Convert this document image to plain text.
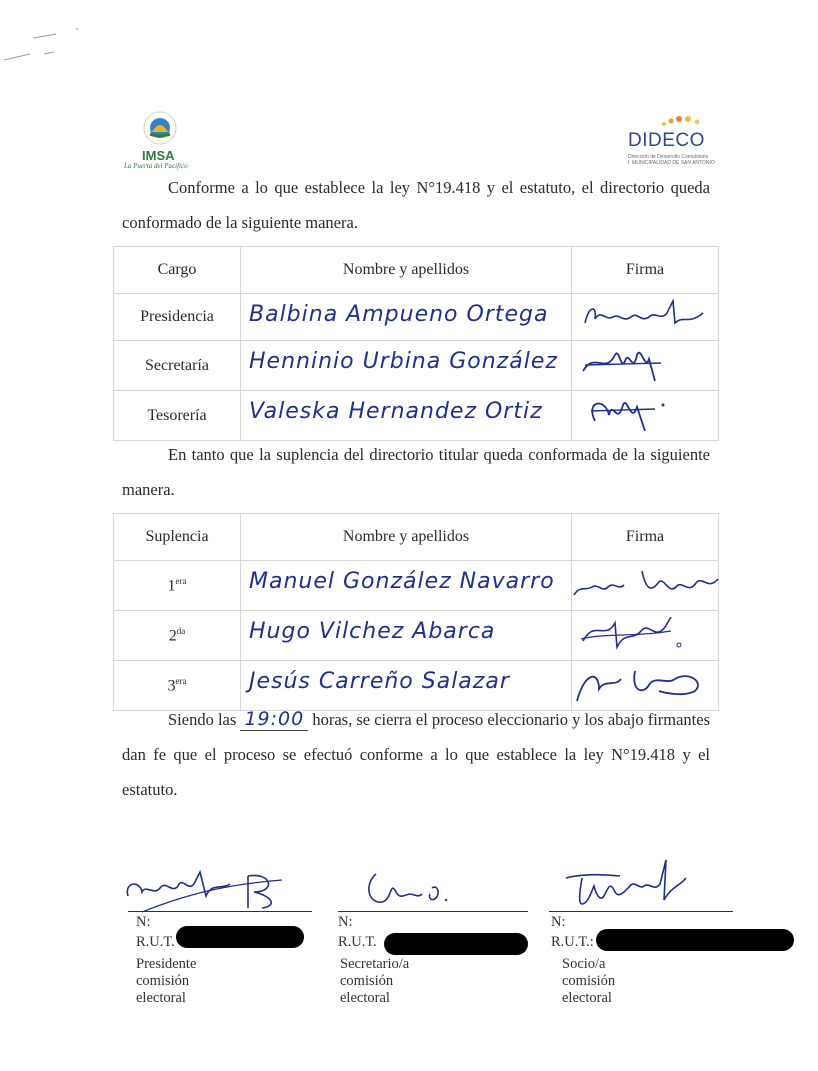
IMSA
La Puerta del Pacífico
DIDECO
Dirección de Desarrollo Comunitario
I. MUNICIPALIDAD DE SAN ANTONIO
Conforme a lo que establece la ley N°19.418 y el estatuto, el directorio queda conformado de la siguiente manera.
Cargo	Nombre y apellidos	Firma
Presidencia	Balbina Ampueno Ortega

Secretaría	Henninio Urbina González

Tesorería	Valeska Hernandez Ortiz

En tanto que la suplencia del directorio titular queda conformada de la siguiente manera.
Suplencia	Nombre y apellidos	Firma
$1^{era}$	Manuel González Navarro

$2^{da}$	Hugo Vilchez Abarca

$3^{era}$	Jesús Carreño Salazar

Siendo las 19:00 horas, se cierra el proceso eleccionario y los abajo firmantes dan fe que el proceso se efectuó conforme a lo que establece la ley N°19.418 y el estatuto.
N:
R.U.T.
Presidente comisión electoral
N:
R.U.T.
Secretario/a comisión electoral
N:
R.U.T.:
Socio/a comisión electoral
